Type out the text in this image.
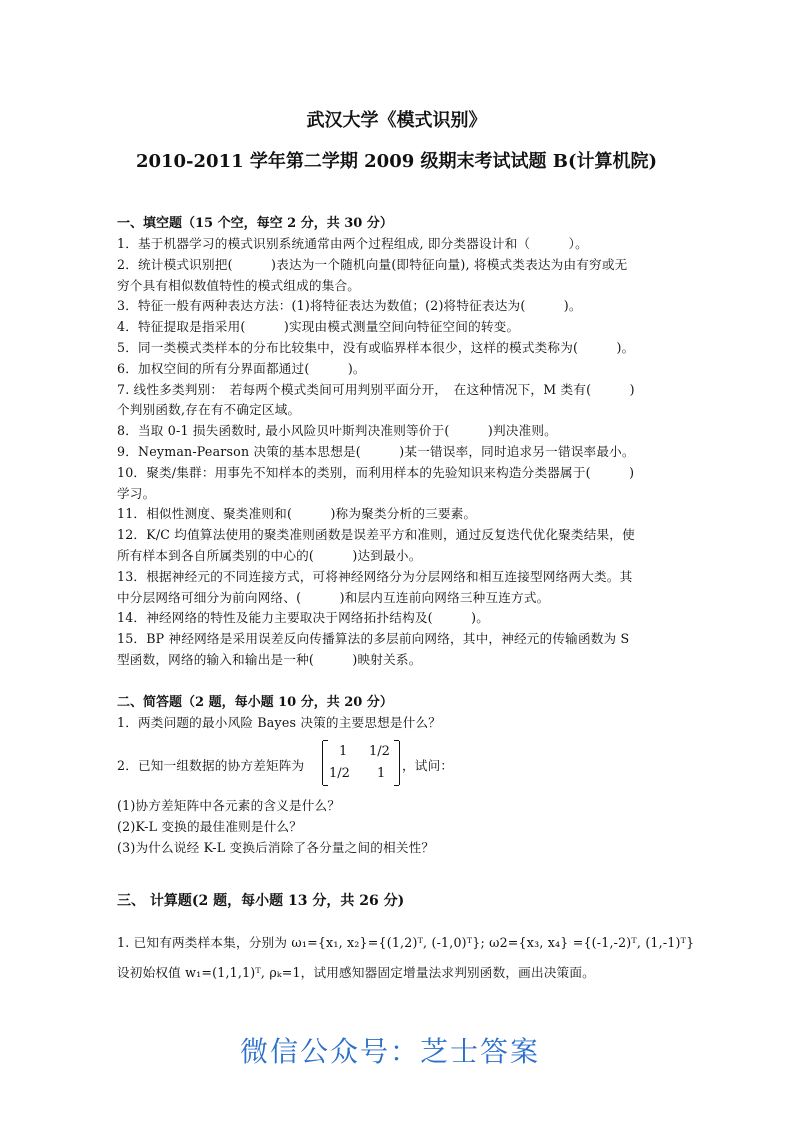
武汉大学《模式识别》
2010-2011 学年第二学期 2009 级期末考试试题 B(计算机院)
一、填空题（15 个空，每空 2 分，共 30 分）
1．基于机器学习的模式识别系统通常由两个过程组成, 即分类器设计和（　　　）。
2．统计模式识别把(　　　)表达为一个随机向量(即特征向量), 将模式类表达为由有穷或无
穷个具有相似数值特性的模式组成的集合。
3．特征一般有两种表达方法：(1)将特征表达为数值；(2)将特征表达为(　　　)。
4．特征提取是指采用(　　　)实现由模式测量空间向特征空间的转变。
5．同一类模式类样本的分布比较集中，没有或临界样本很少，这样的模式类称为(　　　)。
6．加权空间的所有分界面都通过(　　　)。
7. 线性多类判别：　若每两个模式类间可用判别平面分开，　在这种情况下，M 类有(　　　)
个判别函数,存在有不确定区域。
8．当取 0-1 损失函数时, 最小风险贝叶斯判决准则等价于(　　　)判决准则。
9．Neyman-Pearson 决策的基本思想是(　　　)某一错误率，同时追求另一错误率最小。
10．聚类/集群：用事先不知样本的类别，而利用样本的先验知识来构造分类器属于(　　　)
学习。
11．相似性测度、聚类准则和(　　　)称为聚类分析的三要素。
12．K/C 均值算法使用的聚类准则函数是误差平方和准则，通过反复迭代优化聚类结果，使
所有样本到各自所属类别的中心的(　　　)达到最小。
13．根据神经元的不同连接方式，可将神经网络分为分层网络和相互连接型网络两大类。其
中分层网络可细分为前向网络、(　　　)和层内互连前向网络三种互连方式。
14．神经网络的特性及能力主要取决于网络拓扑结构及(　　　)。
15．BP 神经网络是采用误差反向传播算法的多层前向网络，其中，神经元的传输函数为 S
型函数，网络的输入和输出是一种(　　　)映射关系。
二、简答题（2 题，每小题 10 分，共 20 分）
1．两类问题的最小风险 Bayes 决策的主要思想是什么？
2．已知一组数据的协方差矩阵为
1 1/2
1/2 1
，试问：
(1)协方差矩阵中各元素的含义是什么？
(2)K-L 变换的最佳准则是什么？
(3)为什么说经 K-L 变换后消除了各分量之间的相关性？
三、 计算题(2 题，每小题 13 分，共 26 分)
1. 已知有两类样本集，分别为 ω₁={x₁, x₂}={(1,2)ᵀ, (-1,0)ᵀ}; ω2={x₃, x₄} ={(-1,-2)ᵀ, (1,-1)ᵀ}
设初始权值 w₁=(1,1,1)ᵀ, ρₖ=1，试用感知器固定增量法求判别函数，画出决策面。
微信公众号：芝士答案
